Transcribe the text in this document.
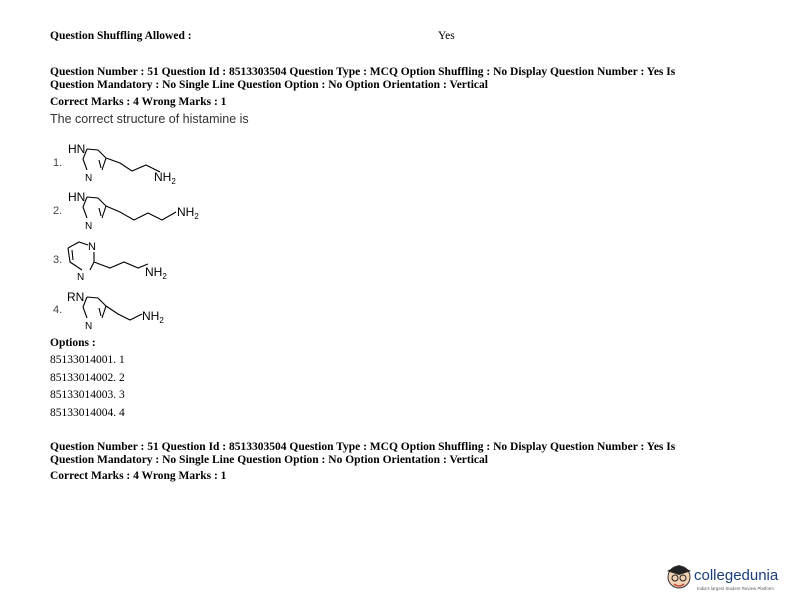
Question Shuffling Allowed :	Yes
Question Number : 51 Question Id : 8513303504 Question Type : MCQ Option Shuffling : No Display Question Number : Yes Is
Question Mandatory : No Single Line Question Option : No Option Orientation : Vertical
Correct Marks : 4 Wrong Marks : 1
The correct structure of histamine is
1.
2.
3.
4.
HN
N	$NH_2$
HN
N
$NH_2$
N
N	$NH_2$
RN
N
$NH_2$
Options :
85133014001. 1
85133014002. 2
85133014003. 3
85133014004. 4
Question Number : 51 Question Id : 8513303504 Question Type : MCQ Option Shuffling : No Display Question Number : Yes Is
Question Mandatory : No Single Line Question Option : No Option Orientation : Vertical
Correct Marks : 4 Wrong Marks : 1
collegedunia
India's largest Student Review Platform
